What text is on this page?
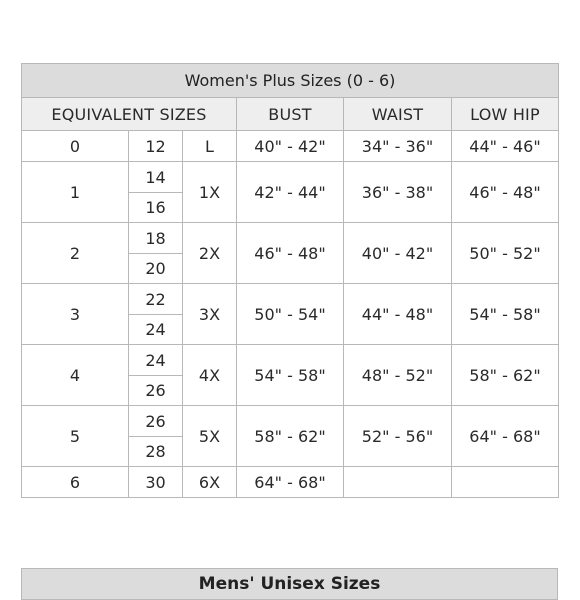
Women's Plus Sizes (0 - 6)					
EQUIVALENT SIZES			BUST	WAIST	LOW HIP
0	12	L	40" - 42"	34" - 36"	44" - 46"
1	14	1X	42" - 44"	36" - 38"	46" - 48"
	16				
2	18	2X	46" - 48"	40" - 42"	50" - 52"
	20				
3	22	3X	50" - 54"	44" - 48"	54" - 58"
	24				
4	24	4X	54" - 58"	48" - 52"	58" - 62"
	26				
5	26	5X	58" - 62"	52" - 56"	64" - 68"
	28				
6	30	6X	64" - 68"		
Mens' Unisex Sizes
